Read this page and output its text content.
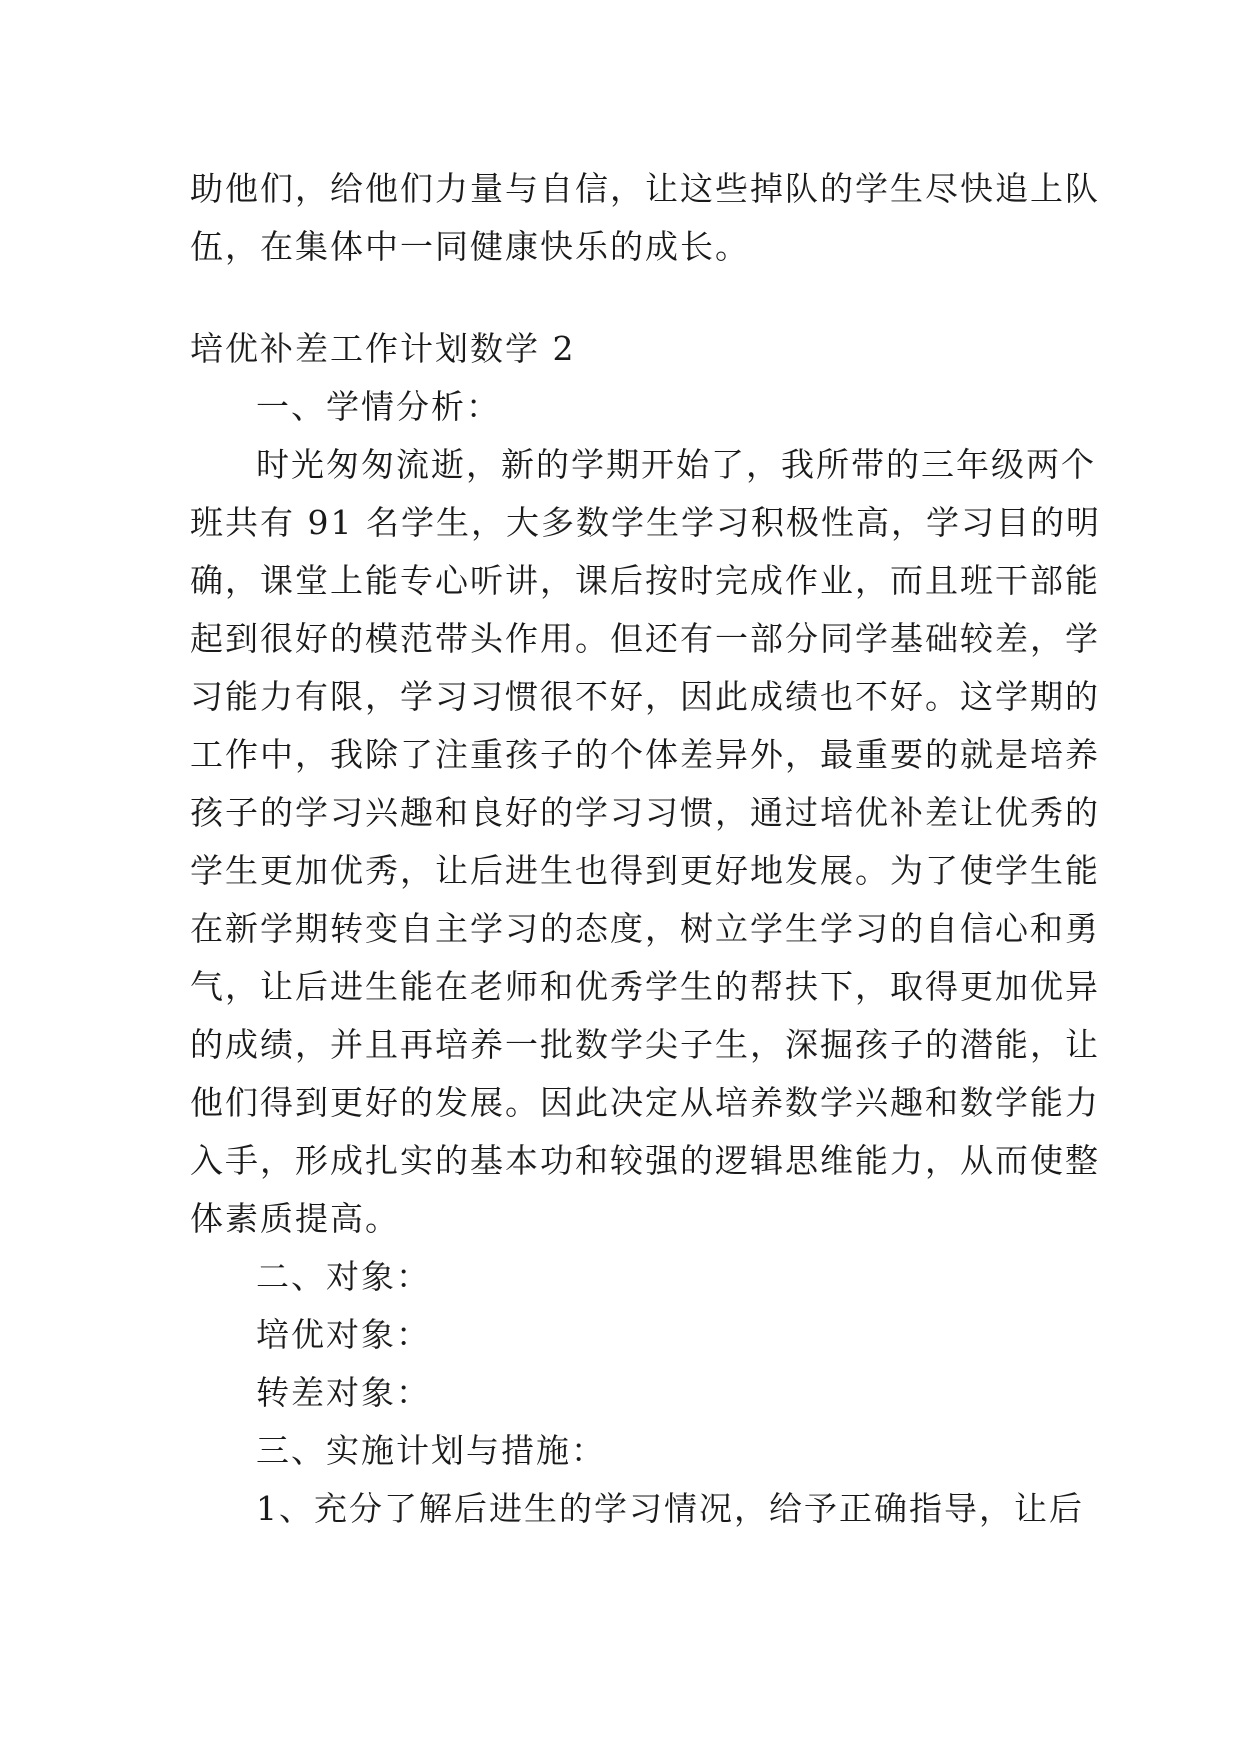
助他们，给他们力量与自信，让这些掉队的学生尽快追上队
伍，在集体中一同健康快乐的成长。
培优补差工作计划数学 2
一、学情分析：
时光匆匆流逝，新的学期开始了，我所带的三年级两个
班共有 91 名学生，大多数学生学习积极性高，学习目的明
确，课堂上能专心听讲，课后按时完成作业，而且班干部能
起到很好的模范带头作用。但还有一部分同学基础较差，学
习能力有限，学习习惯很不好，因此成绩也不好。这学期的
工作中，我除了注重孩子的个体差异外，最重要的就是培养
孩子的学习兴趣和良好的学习习惯，通过培优补差让优秀的
学生更加优秀，让后进生也得到更好地发展。为了使学生能
在新学期转变自主学习的态度，树立学生学习的自信心和勇
气，让后进生能在老师和优秀学生的帮扶下，取得更加优异
的成绩，并且再培养一批数学尖子生，深掘孩子的潜能，让
他们得到更好的发展。因此决定从培养数学兴趣和数学能力
入手，形成扎实的基本功和较强的逻辑思维能力，从而使整
体素质提高。
二、对象：
培优对象：
转差对象：
三、实施计划与措施：
1、充分了解后进生的学习情况，给予正确指导，让后
